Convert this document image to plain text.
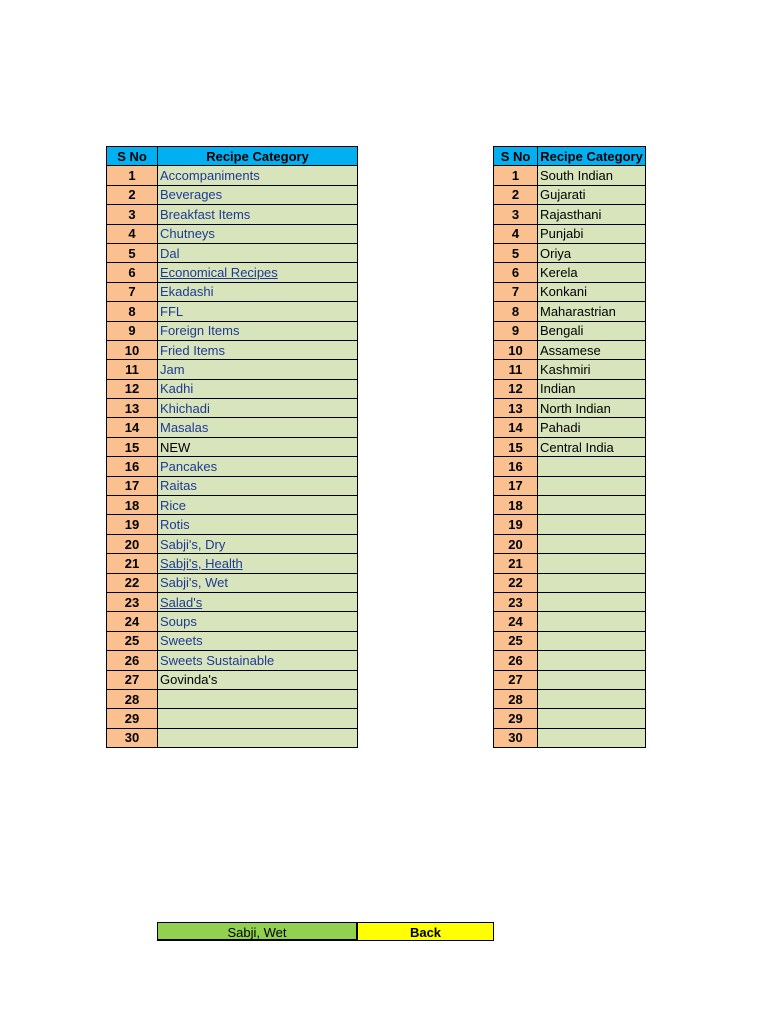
S No	Recipe Category
1	Accompaniments
2	Beverages
3	Breakfast Items
4	Chutneys
5	Dal
6	Economical Recipes
7	Ekadashi
8	FFL
9	Foreign Items
10	Fried Items
11	Jam
12	Kadhi
13	Khichadi
14	Masalas
15	NEW
16	Pancakes
17	Raitas
18	Rice
19	Rotis
20	Sabji's, Dry
21	Sabji's, Health
22	Sabji's, Wet
23	Salad's
24	Soups
25	Sweets
26	Sweets Sustainable
27	Govinda's
28	
29	
30	
S No	Recipe Category
1	South Indian
2	Gujarati
3	Rajasthani
4	Punjabi
5	Oriya
6	Kerela
7	Konkani
8	Maharastrian
9	Bengali
10	Assamese
11	Kashmiri
12	Indian
13	North Indian
14	Pahadi
15	Central India
16	
17	
18	
19	
20	
21	
22	
23	
24	
25	
26	
27	
28	
29	
30	
Sabji, Wet	Back
